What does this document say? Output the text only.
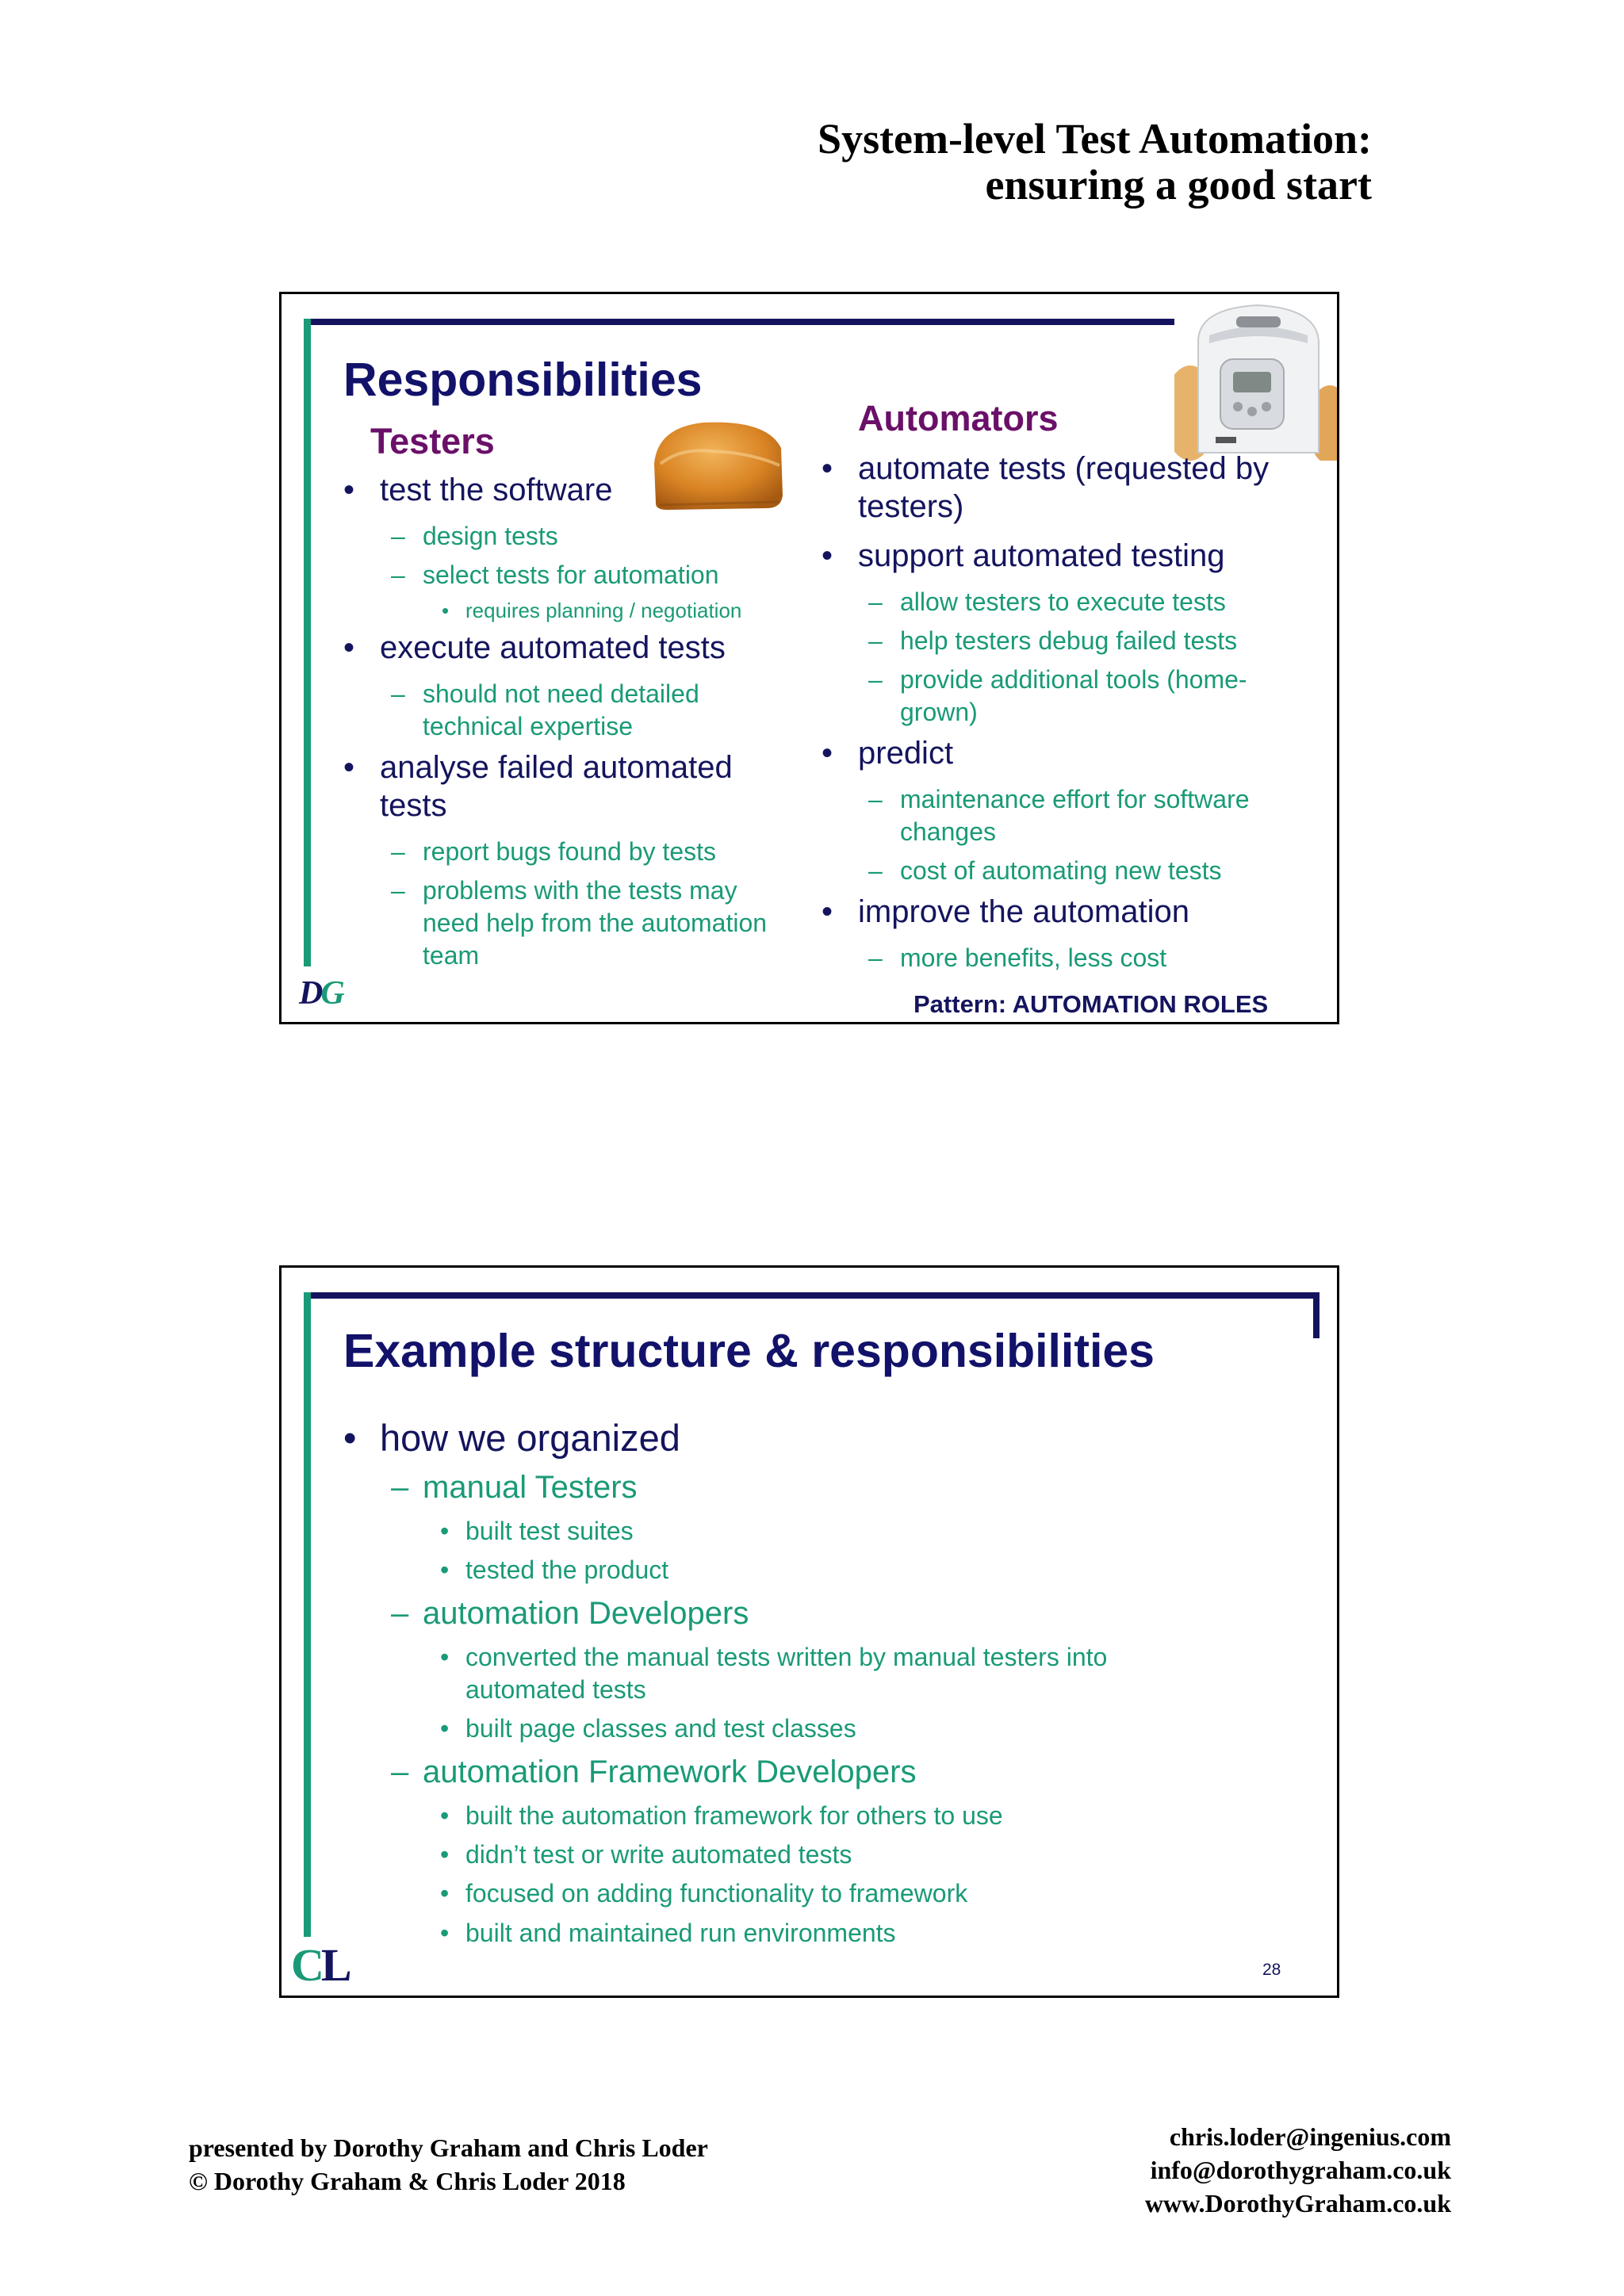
System-level Test Automation:
ensuring a good start
Responsibilities
Testers
• test the software
– design tests
– select tests for automation
• requires planning / negotiation
• execute automated tests
– should not need detailed
technical expertise
• analyse failed automated
tests
– report bugs found by tests
– problems with the tests may
need help from the automation
team
Automators
• automate tests (requested by
testers)
• support automated testing
– allow testers to execute tests
– help testers debug failed tests
– provide additional tools (home-
grown)
• predict
– maintenance effort for software
changes
– cost of automating new tests
• improve the automation
– more benefits, less cost
DG	Pattern: AUTOMATION ROLES
Example structure & responsibilities
• how we organized
– manual Testers
• built test suites
• tested the product
– automation Developers
• converted the manual tests written by manual testers into
automated tests
• built page classes and test classes
– automation Framework Developers
• built the automation framework for others to use
• didn’t test or write automated tests
• focused on adding functionality to framework
• built and maintained run environments
CL	28
presented by Dorothy Graham and Chris Loder
© Dorothy Graham & Chris Loder 2018
chris.loder@ingenius.com
info@dorothygraham.co.uk
www.DorothyGraham.co.uk
